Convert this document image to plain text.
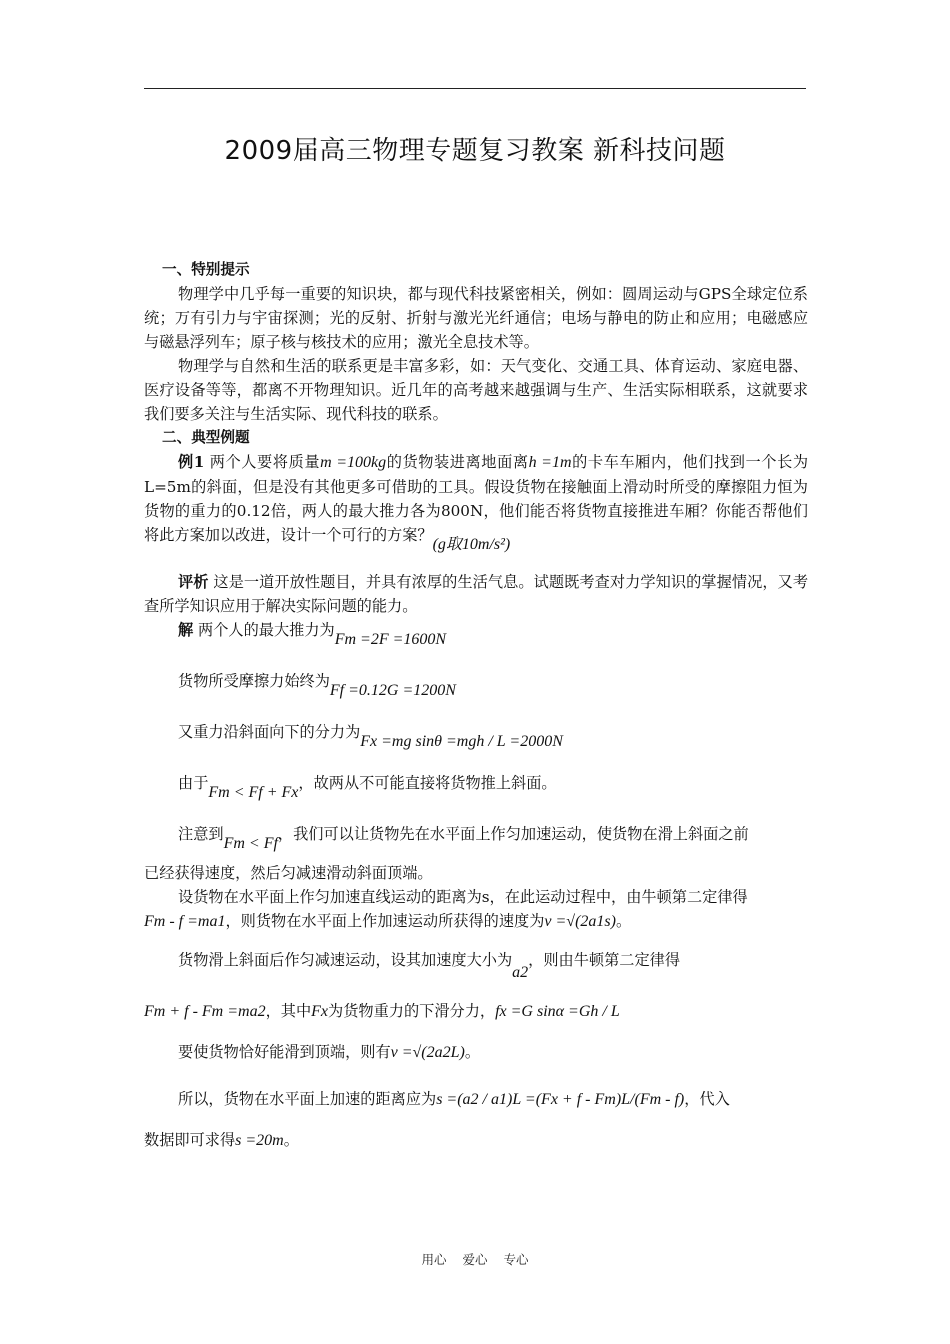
2009届高三物理专题复习教案 新科技问题

一、特别提示

物理学中几乎每一重要的知识块，都与现代科技紧密相关，例如：圆周运动与GPS全球定位系统；万有引力与宇宙探测；光的反射、折射与激光光纤通信；电场与静电的防止和应用；电磁感应与磁悬浮列车；原子核与核技术的应用；激光全息技术等。

物理学与自然和生活的联系更是丰富多彩，如：天气变化、交通工具、体育运动、家庭电器、医疗设备等等，都离不开物理知识。近几年的高考越来越强调与生产、生活实际相联系，这就要求我们要多关注与生活实际、现代科技的联系。

二、典型例题

例1 两个人要将质量m =100kg的货物装进离地面离h =1m的卡车车厢内，他们找到一个长为L=5m的斜面，但是没有其他更多可借助的工具。假设货物在接触面上滑动时所受的摩擦阻力恒为货物的重力的0.12倍，两人的最大推力各为800N，他们能否将货物直接推进车厢？你能否帮他们将此方案加以改进，设计一个可行的方案？(g取10m/s²)

评析 这是一道开放性题目，并具有浓厚的生活气息。试题既考查对力学知识的掌握情况，又考查所学知识应用于解决实际问题的能力。

解 两个人的最大推力为Fm =2F =1600N

货物所受摩擦力始终为Ff =0.12G =1200N

又重力沿斜面向下的分力为Fx =mg sinθ =mgh / L =2000N

由于Fm < Ff + Fx，故两从不可能直接将货物推上斜面。

注意到Fm < Ff，我们可以让货物先在水平面上作匀加速运动，使货物在滑上斜面之前

已经获得速度，然后匀减速滑动斜面顶端。

设货物在水平面上作匀加速直线运动的距离为s，在此运动过程中，由牛顿第二定律得

Fm - f =ma1，则货物在水平面上作加速运动所获得的速度为v =√(2a1s)。

货物滑上斜面后作匀减速运动，设其加速度大小为a2，则由牛顿第二定律得

Fm + f - Fm =ma2，其中Fx为货物重力的下滑分力，fx =G sinα =Gh / L

要使货物恰好能滑到顶端，则有v =√(2a2L)。

所以，货物在水平面上加速的距离应为s =(a2 / a1)L =(Fx + f - Fm)L/(Fm - f)，代入

数据即可求得s =20m。

用心 爱心 专心
